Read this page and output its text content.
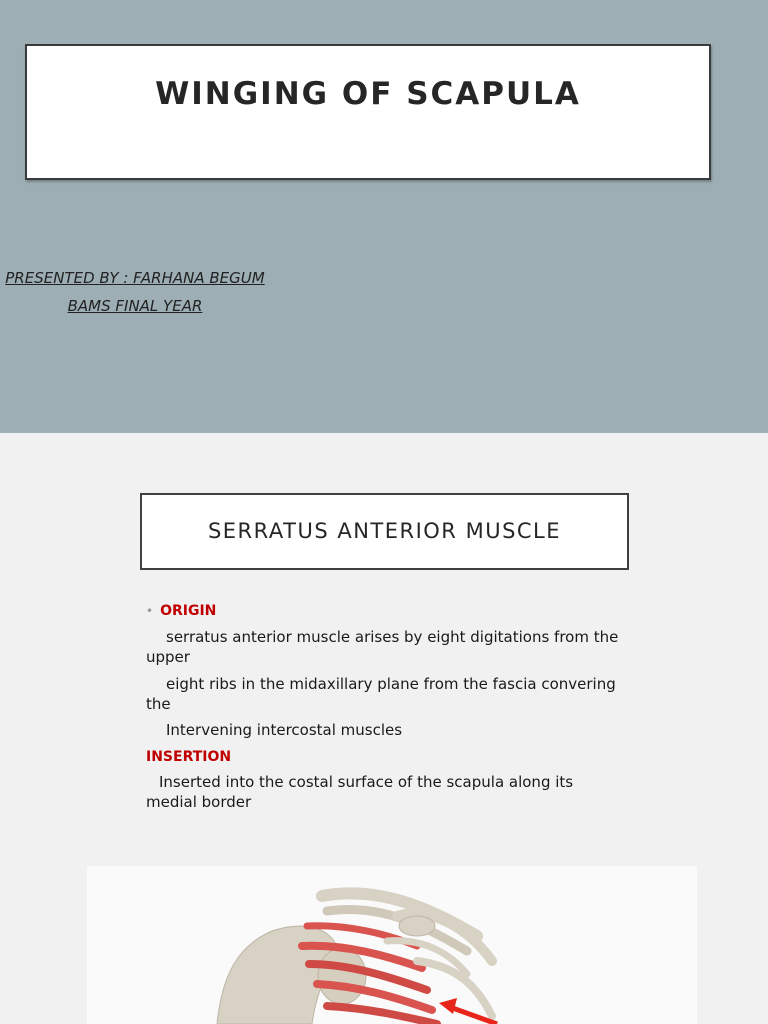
WINGING OF SCAPULA
PRESENTED BY : FARHANA BEGUM
BAMS FINAL YEAR
SERRATUS ANTERIOR MUSCLE
• ORIGIN
serratus anterior muscle arises by eight digitations from the upper
eight ribs in the midaxillary plane from the fascia convering the
Intervening intercostal muscles
INSERTION
Inserted into the costal surface of the scapula along its medial border
